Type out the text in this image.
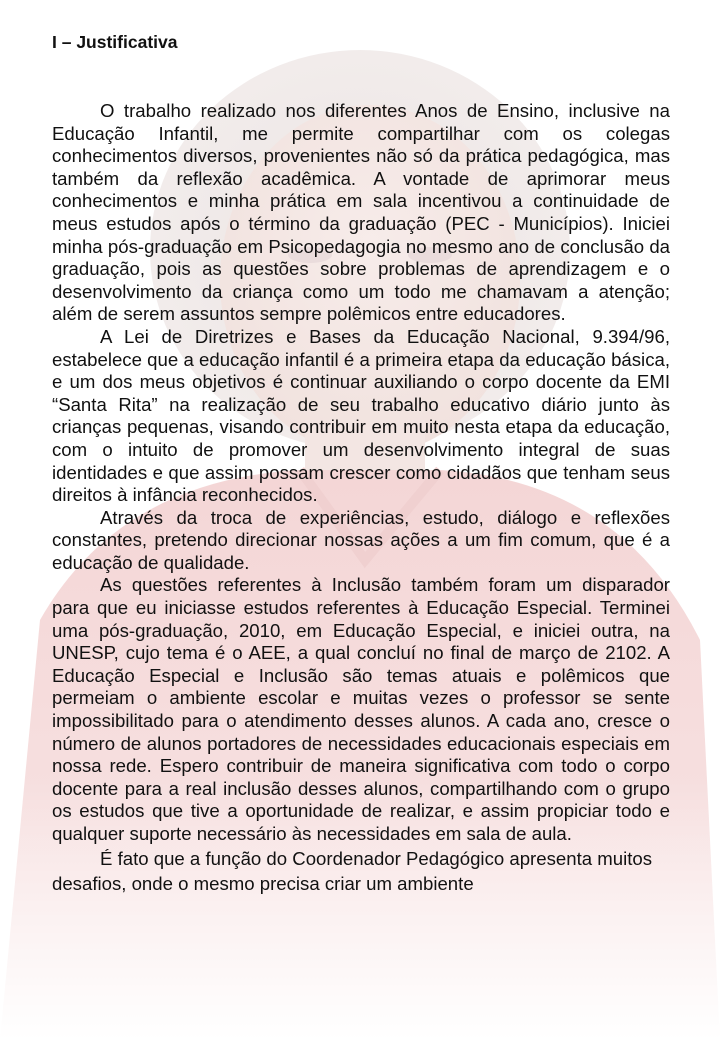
I – Justificativa

O trabalho realizado nos diferentes Anos de Ensino, inclusive na Educação Infantil, me permite compartilhar com os colegas conhecimentos diversos, provenientes não só da prática pedagógica, mas também da reflexão acadêmica. A vontade de aprimorar meus conhecimentos e minha prática em sala incentivou a continuidade de meus estudos após o término da graduação (PEC - Municípios). Iniciei minha pós-graduação em Psicopedagogia no mesmo ano de conclusão da graduação, pois as questões sobre problemas de aprendizagem e o desenvolvimento da criança como um todo me chamavam a atenção; além de serem assuntos sempre polêmicos entre educadores.

A Lei de Diretrizes e Bases da Educação Nacional, 9.394/96, estabelece que a educação infantil é a primeira etapa da educação básica, e um dos meus objetivos é continuar auxiliando o corpo docente da EMI “Santa Rita” na realização de seu trabalho educativo diário junto às crianças pequenas, visando contribuir em muito nesta etapa da educação, com o intuito de promover um desenvolvimento integral de suas identidades e que assim possam crescer como cidadãos que tenham seus direitos à infância reconhecidos.

Através da troca de experiências, estudo, diálogo e reflexões constantes, pretendo direcionar nossas ações a um fim comum, que é a educação de qualidade.

As questões referentes à Inclusão também foram um disparador para que eu iniciasse estudos referentes à Educação Especial. Terminei uma pós-graduação, 2010, em Educação Especial, e iniciei outra, na UNESP, cujo tema é o AEE, a qual concluí no final de março de 2102. A Educação Especial e Inclusão são temas atuais e polêmicos que permeiam o ambiente escolar e muitas vezes o professor se sente impossibilitado para o atendimento desses alunos. A cada ano, cresce o número de alunos portadores de necessidades educacionais especiais em nossa rede. Espero contribuir de maneira significativa com todo o corpo docente para a real inclusão desses alunos, compartilhando com o grupo os estudos que tive a oportunidade de realizar, e assim propiciar todo e qualquer suporte necessário às necessidades em sala de aula.

É fato que a função do Coordenador Pedagógico apresenta muitos desafios, onde o mesmo precisa criar um ambiente
